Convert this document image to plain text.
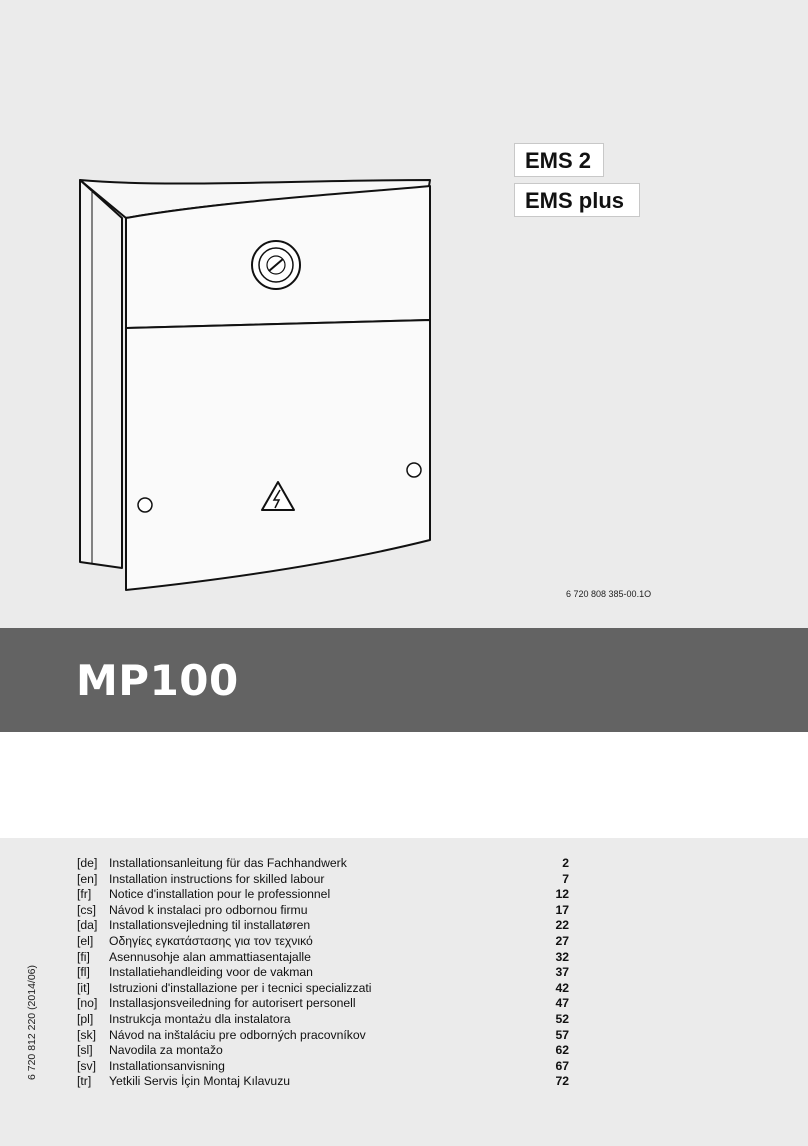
EMS 2
EMS plus
6 720 808 385-00.1O
MP100
[de] Installationsanleitung für das Fachhandwerk	2
[en] Installation instructions for skilled labour	7
[fr]	Notice d'installation pour le professionnel	12
[cs]	Návod k instalaci pro odbornou firmu	17
[da] Installationsvejledning til installatøren	22
[el]	Οδηγίες εγκατάστασης για τον τεχνικό	27
[fi]	Asennusohje alan ammattiasentajalle	32
[fl]	Installatiehandleiding voor de vakman	37
[it]	Istruzioni d'installazione per i tecnici specializzati	42
[no] Installasjonsveiledning for autorisert personell	47
[pl]	Instrukcja montażu dla instalatora	52
[sk]	Návod na inštaláciu pre odborných pracovníkov	57
[sl]	Navodila za montažo	62
[sv]	Installationsanvisning	67
[tr]	Yetkili Servis İçin Montaj Kılavuzu	72
6 720 812 220 (2014/06)
